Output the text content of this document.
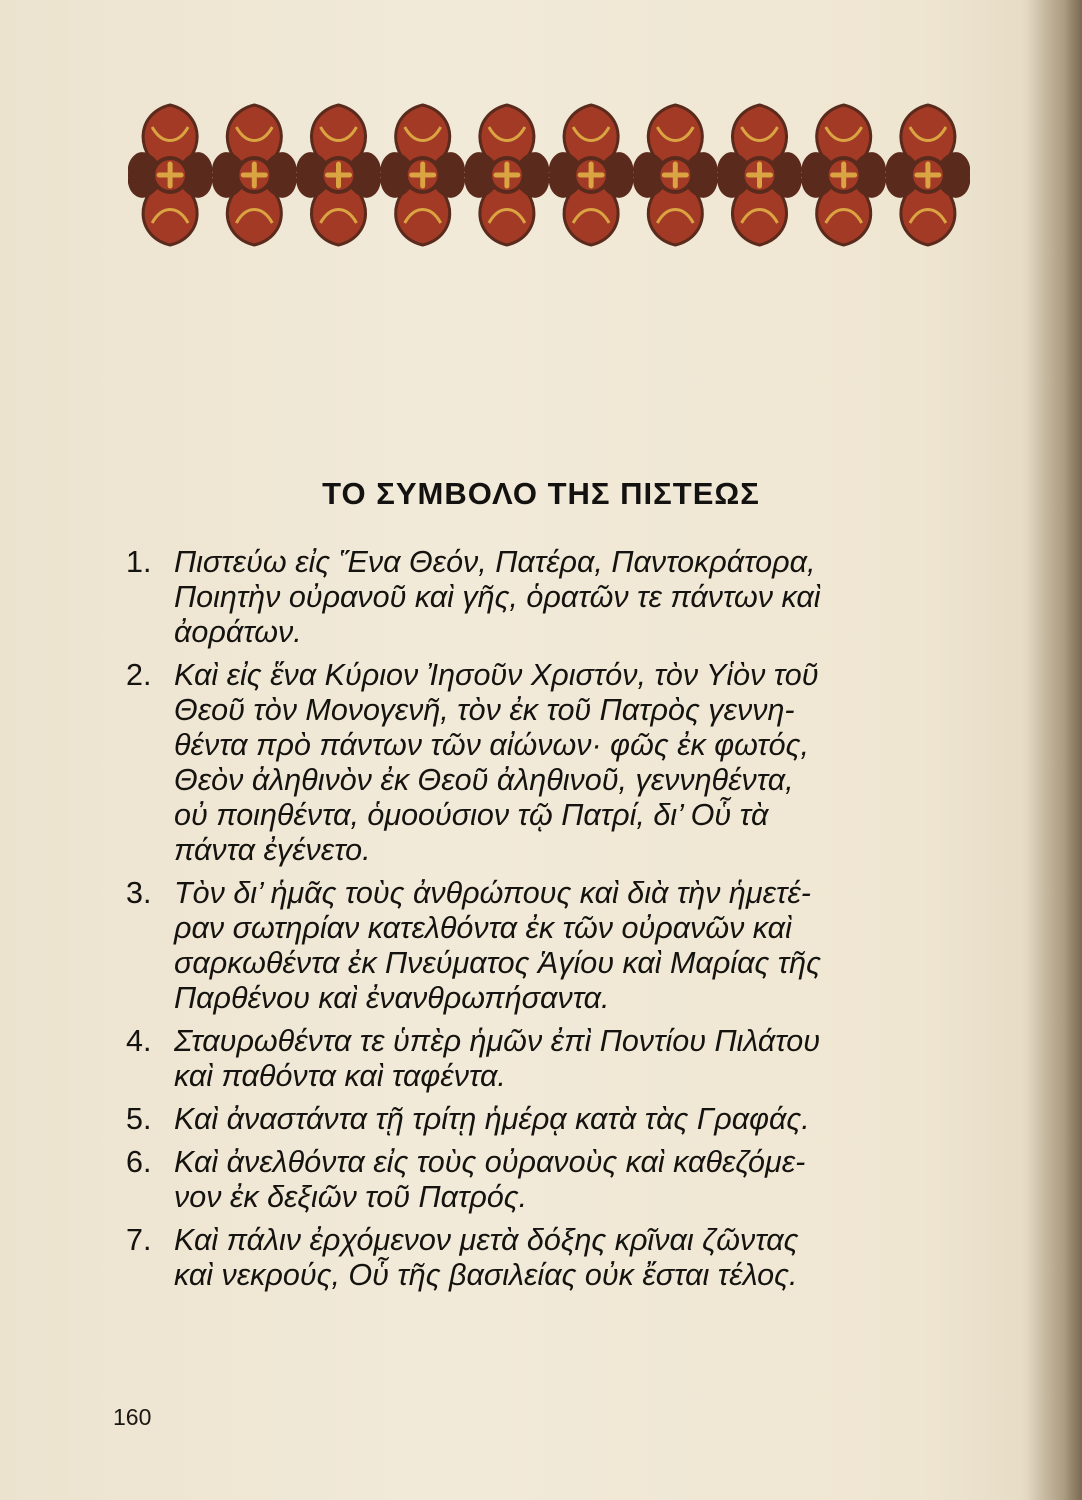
ΤΟ ΣΥΜΒΟΛΟ ΤΗΣ ΠΙΣΤΕΩΣ
1. Πιστεύω εἰς Ἕνα Θεόν, Πατέρα, Παντοκράτορα,
Ποιητὴν οὐρανοῦ καὶ γῆς, ὁρατῶν τε πάντων καὶ
ἀοράτων.
2. Καὶ εἰς ἕνα Κύριον Ἰησοῦν Χριστόν, τὸν Υἱὸν τοῦ
Θεοῦ τὸν Μονογενῆ, τὸν ἐκ τοῦ Πατρὸς γεννη-
θέντα πρὸ πάντων τῶν αἰώνων· φῶς ἐκ φωτός,
Θεὸν ἀληθινὸν ἐκ Θεοῦ ἀληθινοῦ, γεννηθέντα,
οὐ ποιηθέντα, ὁμοούσιον τῷ Πατρί, δι’ Οὗ τὰ
πάντα ἐγένετο.
3. Τὸν δι’ ἡμᾶς τοὺς ἀνθρώπους καὶ διὰ τὴν ἡμετέ-
ραν σωτηρίαν κατελθόντα ἐκ τῶν οὐρανῶν καὶ
σαρκωθέντα ἐκ Πνεύματος Ἁγίου καὶ Μαρίας τῆς
Παρθένου καὶ ἐνανθρωπήσαντα.
4. Σταυρωθέντα τε ὑπὲρ ἡμῶν ἐπὶ Ποντίου Πιλάτου
καὶ παθόντα καὶ ταφέντα.
5. Καὶ ἀναστάντα τῇ τρίτῃ ἡμέρᾳ κατὰ τὰς Γραφάς.
6. Καὶ ἀνελθόντα εἰς τοὺς οὐρανοὺς καὶ καθεζόμε-
νον ἐκ δεξιῶν τοῦ Πατρός.
7. Καὶ πάλιν ἐρχόμενον μετὰ δόξης κρῖναι ζῶντας
καὶ νεκρούς, Οὗ τῆς βασιλείας οὐκ ἔσται τέλος.
160
